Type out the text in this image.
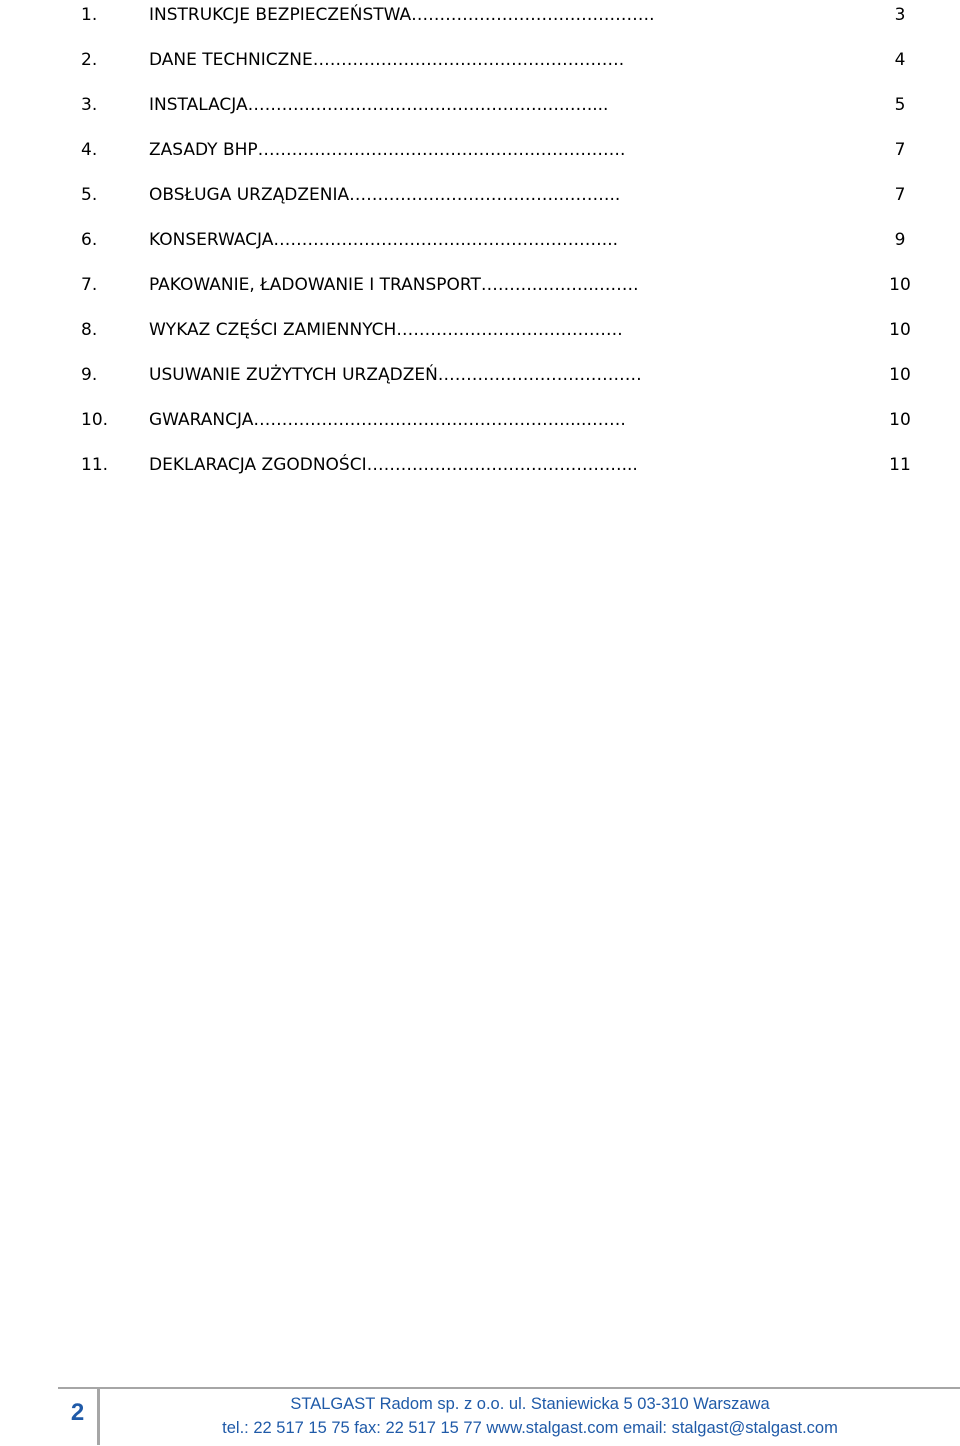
1.	INSTRUKCJE BEZPIECZEŃSTWA…………………………………….	3
2.	DANE TECHNICZNE……………………………………………….	4
3.	INSTALACJA…………………………………………….…..…....	5
4.	ZASADY BHP………………………………………….…………….	7
5.	OBSŁUGA URZĄDZENIA……………………………….………..	7
6.	KONSERWACJA…………………………….……………………...	9
7.	PAKOWANIE, ŁADOWANIE I TRANSPORT……….………..…….	10
8.	WYKAZ CZĘŚCI ZAMIENNYCH………………………………….	10
9.	USUWANIE ZUŻYTYCH URZĄDZEŃ………………………………	10
10. GWARANCJA……………………………….………………....…….	10
11. DEKLARACJA ZGODNOŚCI………………………………………...	11
2	STALGAST Radom sp. z o.o. ul. Staniewicka 5 03-310 Warszawa
tel.: 22 517 15 75 fax: 22 517 15 77 www.stalgast.com email: stalgast@stalgast.com
